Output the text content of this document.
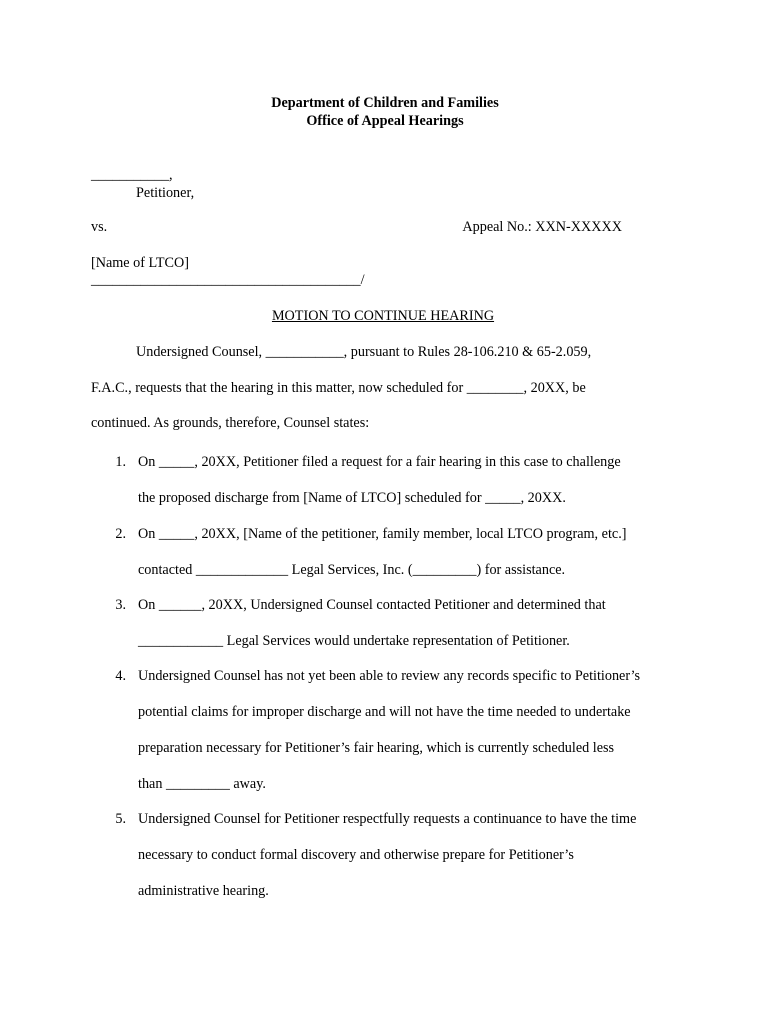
Department of Children and Families
Office of Appeal Hearings
___________,
Petitioner,
vs.	Appeal No.: XXN-XXXXX
[Name of LTCO]
______________________________________/
MOTION TO CONTINUE HEARING
Undersigned Counsel, ___________, pursuant to Rules 28-106.210 & 65-2.059,
F.A.C., requests that the hearing in this matter, now scheduled for ________, 20XX, be
continued. As grounds, therefore, Counsel states:
1. On _____, 20XX, Petitioner filed a request for a fair hearing in this case to challenge
the proposed discharge from [Name of LTCO] scheduled for _____, 20XX.
2. On _____, 20XX, [Name of the petitioner, family member, local LTCO program, etc.]
contacted _____________ Legal Services, Inc. (_________) for assistance.
3. On ______, 20XX, Undersigned Counsel contacted Petitioner and determined that
____________ Legal Services would undertake representation of Petitioner.
4. Undersigned Counsel has not yet been able to review any records specific to Petitioner’s
potential claims for improper discharge and will not have the time needed to undertake
preparation necessary for Petitioner’s fair hearing, which is currently scheduled less
than _________ away.
5. Undersigned Counsel for Petitioner respectfully requests a continuance to have the time
necessary to conduct formal discovery and otherwise prepare for Petitioner’s
administrative hearing.
